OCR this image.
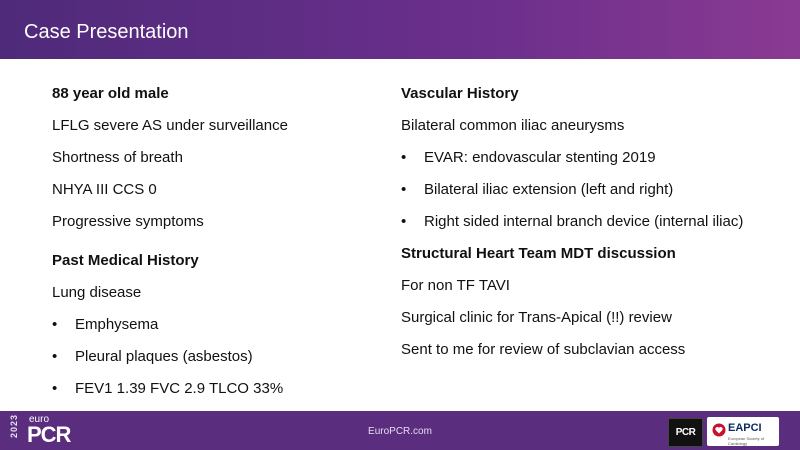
Case Presentation
88 year old male
LFLG severe AS under surveillance
Shortness of breath
NHYA III CCS 0
Progressive symptoms
Past Medical History
Lung disease
• Emphysema
• Pleural plaques (asbestos)
• FEV1 1.39 FVC 2.9 TLCO 33%
Vascular History
Bilateral common iliac aneurysms
• EVAR: endovascular stenting 2019
• Bilateral iliac extension (left and right)
• Right sided internal branch device (internal iliac)
Structural Heart Team MDT discussion
For non TF TAVI
Surgical clinic for Trans-Apical (!!) review
Sent to me for review of subclavian access
2023 euro
PCR	EuroPCR.com	PCR	EAPCI
European Society of Cardiology
